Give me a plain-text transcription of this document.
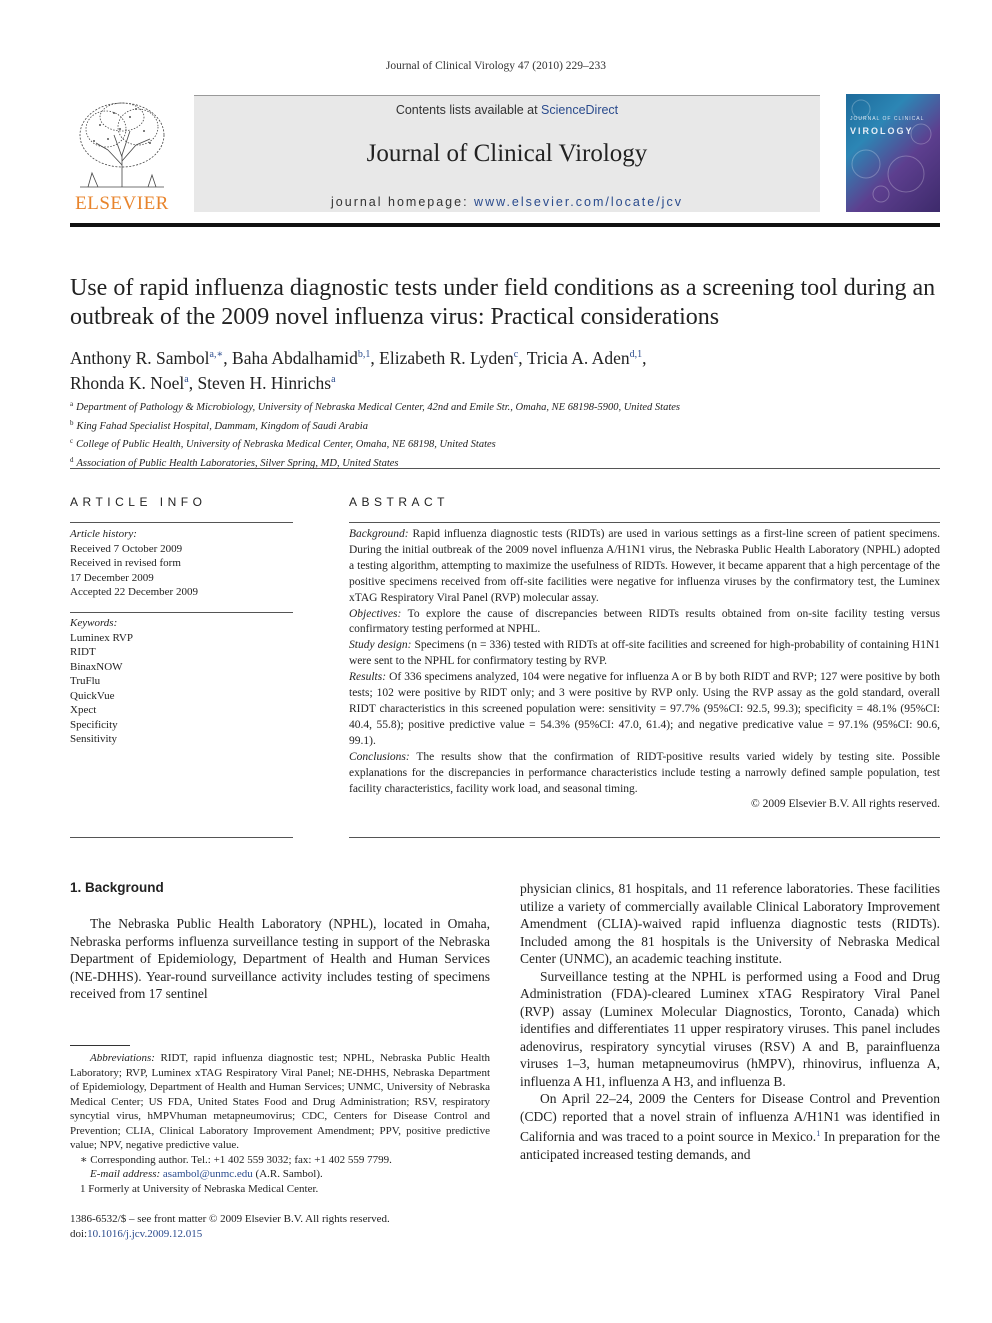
Journal of Clinical Virology 47 (2010) 229–233
ELSEVIER
Contents lists available at ScienceDirect
Journal of Clinical Virology
journal homepage: www.elsevier.com/locate/jcv
JOURNAL OF CLINICAL
VIROLOGY
Use of rapid influenza diagnostic tests under field conditions as a screening tool during an outbreak of the 2009 novel influenza virus: Practical considerations
Anthony R. Sambol$^{a,∗}$, Baha Abdalhamid$^{b,1}$, Elizabeth R. Lyden$^c$, Tricia A. Aden$^{d,1}$,
Rhonda K. Noel$^a$, Steven H. Hinrichs$^a$
$^a$ Department of Pathology & Microbiology, University of Nebraska Medical Center, 42nd and Emile Str., Omaha, NE 68198-5900, United States
$^b$ King Fahad Specialist Hospital, Dammam, Kingdom of Saudi Arabia
$^c$ College of Public Health, University of Nebraska Medical Center, Omaha, NE 68198, United States
$^d$ Association of Public Health Laboratories, Silver Spring, MD, United States
ARTICLE INFO
Article history:
Received 7 October 2009
Received in revised form
17 December 2009
Accepted 22 December 2009
Keywords:
Luminex RVP
RIDT
BinaxNOW
TruFlu
QuickVue
Xpect
Specificity
Sensitivity
ABSTRACT

Background: Rapid influenza diagnostic tests (RIDTs) are used in various settings as a first-line screen of patient specimens. During the initial outbreak of the 2009 novel influenza A/H1N1 virus, the Nebraska Public Health Laboratory (NPHL) adopted a testing algorithm, attempting to maximize the usefulness of RIDTs. However, it became apparent that a high percentage of the positive specimens received from off-site facilities were negative for influenza viruses by the confirmatory test, the Luminex xTAG Respiratory Viral Panel (RVP) molecular assay.

Objectives: To explore the cause of discrepancies between RIDTs results obtained from on-site facility testing versus confirmatory testing performed at NPHL.

Study design: Specimens (n = 336) tested with RIDTs at off-site facilities and screened for high-probability of containing H1N1 were sent to the NPHL for confirmatory testing by RVP.

Results: Of 336 specimens analyzed, 104 were negative for influenza A or B by both RIDT and RVP; 127 were positive by both tests; 102 were positive by RIDT only; and 3 were positive by RVP only. Using the RVP assay as the gold standard, overall RIDT characteristics in this screened population were: sensitivity = 97.7% (95%CI: 92.5, 99.3); specificity = 48.1% (95%CI: 40.4, 55.8); positive predictive value = 54.3% (95%CI: 47.0, 61.4); and negative predicative value = 97.1% (95%CI: 90.6, 99.1).

Conclusions: The results show that the confirmation of RIDT-positive results varied widely by testing site. Possible explanations for the discrepancies in performance characteristics include testing a narrowly defined sample population, test facility characteristics, facility work load, and seasonal timing.

© 2009 Elsevier B.V. All rights reserved.

1. Background

The Nebraska Public Health Laboratory (NPHL), located in Omaha, Nebraska performs influenza surveillance testing in support of the Nebraska Department of Epidemiology, Department of Health and Human Services (NE-DHHS). Year-round surveillance activity includes testing of specimens received from 17 sentinel

physician clinics, 81 hospitals, and 11 reference laboratories. These facilities utilize a variety of commercially available Clinical Laboratory Improvement Amendment (CLIA)-waived rapid influenza diagnostic tests (RIDTs). Included among the 81 hospitals is the University of Nebraska Medical Center (UNMC), an academic teaching institute.

Surveillance testing at the NPHL is performed using a Food and Drug Administration (FDA)-cleared Luminex xTAG Respiratory Viral Panel (RVP) assay (Luminex Molecular Diagnostics, Toronto, Canada) which identifies and differentiates 11 upper respiratory viruses. This panel includes adenovirus, respiratory syncytial viruses (RSV) A and B, parainfluenza viruses 1–3, human metapneumovirus (hMPV), rhinovirus, influenza A, influenza A H1, influenza A H3, and influenza B.

On April 22–24, 2009 the Centers for Disease Control and Prevention (CDC) reported that a novel strain of influenza A/H1N1 was identified in California and was traced to a point source in Mexico.$^1$ In preparation for the anticipated increased testing demands, and

Abbreviations: RIDT, rapid influenza diagnostic test; NPHL, Nebraska Public Health Laboratory; RVP, Luminex xTAG Respiratory Viral Panel; NE-DHHS, Nebraska Department of Epidemiology, Department of Health and Human Services; UNMC, University of Nebraska Medical Center; US FDA, United States Food and Drug Administration; RSV, respiratory syncytial virus, hMPVhuman metapneumovirus; CDC, Centers for Disease Control and Prevention; CLIA, Clinical Laboratory Improvement Amendment; PPV, positive predictive value; NPV, negative predictive value.

∗ Corresponding author. Tel.: +1 402 559 3032; fax: +1 402 559 7799.

E-mail address: asambol@unmc.edu (A.R. Sambol).

1 Formerly at University of Nebraska Medical Center.

1386-6532/$ – see front matter © 2009 Elsevier B.V. All rights reserved.
doi:10.1016/j.jcv.2009.12.015
